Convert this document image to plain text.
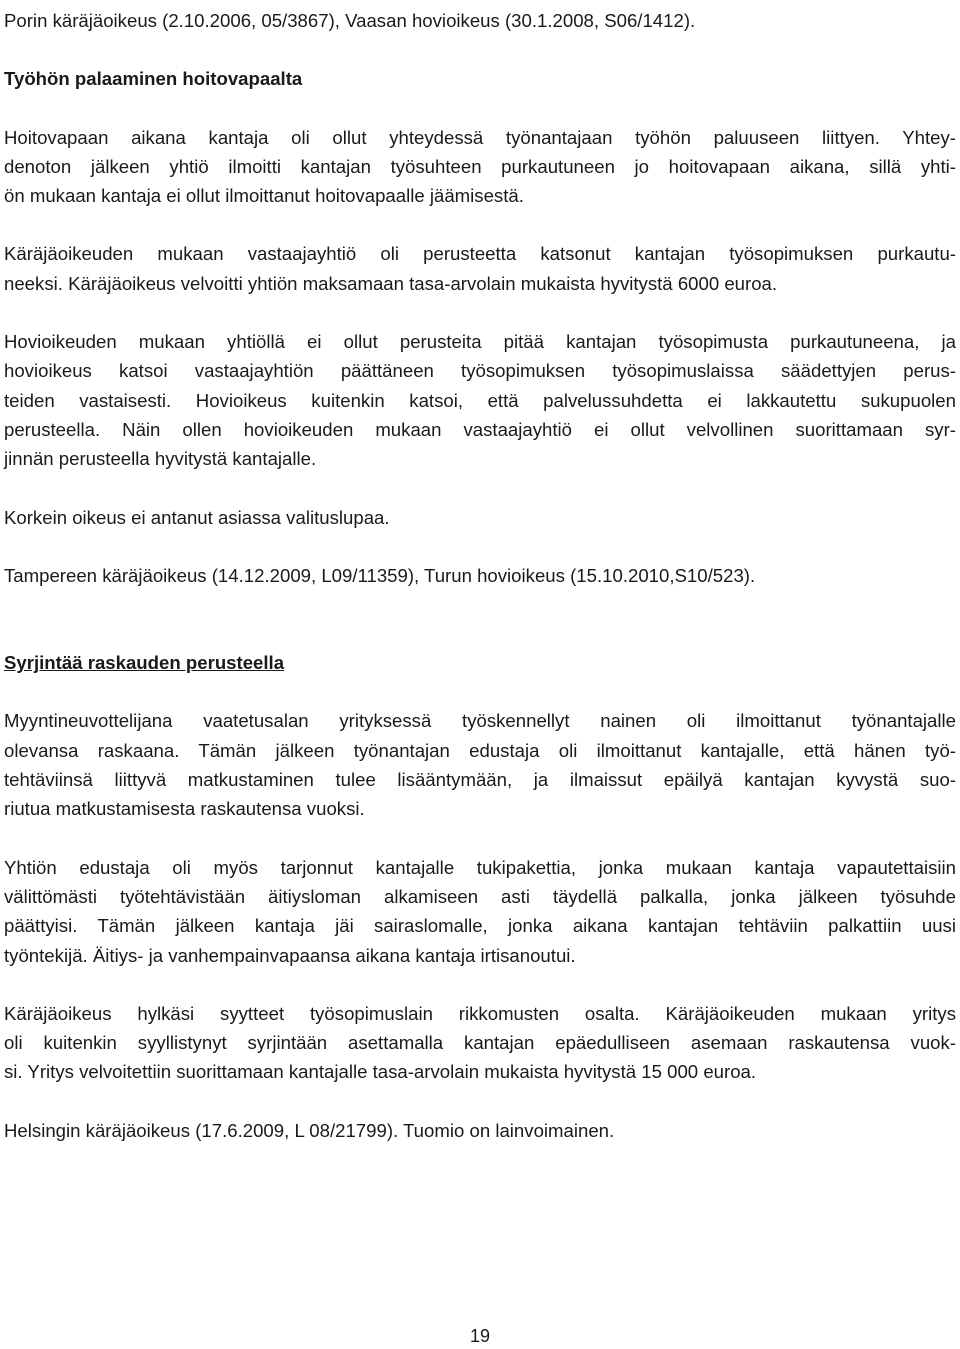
Porin käräjäoikeus (2.10.2006, 05/3867), Vaasan hovioikeus (30.1.2008, S06/1412).
Työhön palaaminen hoitovapaalta
Hoitovapaan aikana kantaja oli ollut yhteydessä työnantajaan työhön paluuseen liittyen. Yhtey-
denoton jälkeen yhtiö ilmoitti kantajan työsuhteen purkautuneen jo hoitovapaan aikana, sillä yhti-
ön mukaan kantaja ei ollut ilmoittanut hoitovapaalle jäämisestä.
Käräjäoikeuden mukaan vastaajayhtiö oli perusteetta katsonut kantajan työsopimuksen purkautu-
neeksi. Käräjäoikeus velvoitti yhtiön maksamaan tasa-arvolain mukaista hyvitystä 6000 euroa.
Hovioikeuden mukaan yhtiöllä ei ollut perusteita pitää kantajan työsopimusta purkautuneena, ja
hovioikeus katsoi vastaajayhtiön päättäneen työsopimuksen työsopimuslaissa säädettyjen perus-
teiden vastaisesti. Hovioikeus kuitenkin katsoi, että palvelussuhdetta ei lakkautettu sukupuolen
perusteella. Näin ollen hovioikeuden mukaan vastaajayhtiö ei ollut velvollinen suorittamaan syr-
jinnän perusteella hyvitystä kantajalle.
Korkein oikeus ei antanut asiassa valituslupaa.
Tampereen käräjäoikeus (14.12.2009, L09/11359), Turun hovioikeus (15.10.2010,S10/523).
Syrjintää raskauden perusteella
Myyntineuvottelijana vaatetusalan yrityksessä työskennellyt nainen oli ilmoittanut työnantajalle
olevansa raskaana. Tämän jälkeen työnantajan edustaja oli ilmoittanut kantajalle, että hänen työ-
tehtäviinsä liittyvä matkustaminen tulee lisääntymään, ja ilmaissut epäilyä kantajan kyvystä suo-
riutua matkustamisesta raskautensa vuoksi.
Yhtiön edustaja oli myös tarjonnut kantajalle tukipakettia, jonka mukaan kantaja vapautettaisiin
välittömästi työtehtävistään äitiysloman alkamiseen asti täydellä palkalla, jonka jälkeen työsuhde
päättyisi. Tämän jälkeen kantaja jäi sairaslomalle, jonka aikana kantajan tehtäviin palkattiin uusi
työntekijä. Äitiys- ja vanhempainvapaansa aikana kantaja irtisanoutui.
Käräjäoikeus hylkäsi syytteet työsopimuslain rikkomusten osalta. Käräjäoikeuden mukaan yritys
oli kuitenkin syyllistynyt syrjintään asettamalla kantajan epäedulliseen asemaan raskautensa vuok-
si. Yritys velvoitettiin suorittamaan kantajalle tasa-arvolain mukaista hyvitystä 15 000 euroa.
Helsingin käräjäoikeus (17.6.2009, L 08/21799). Tuomio on lainvoimainen.
19
